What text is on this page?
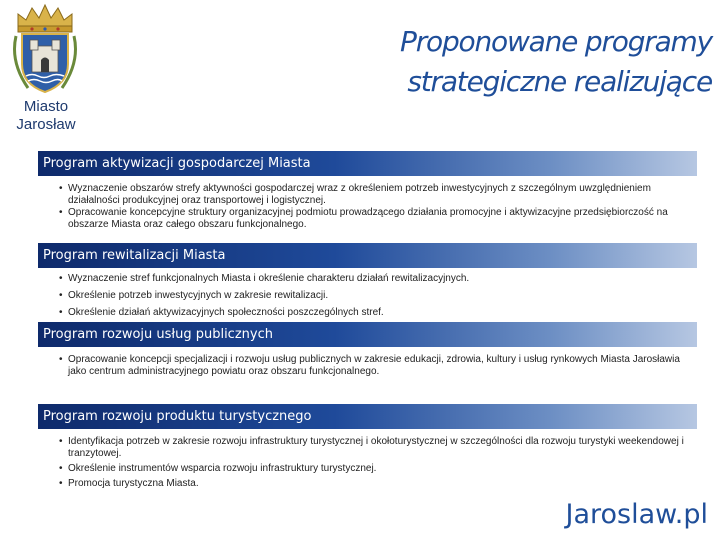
Miasto
Jarosław
Proponowane programy
strategiczne realizujące
Program aktywizacji gospodarczej Miasta
• Wyznaczenie obszarów strefy aktywności gospodarczej wraz z określeniem potrzeb inwestycyjnych z szczególnym uwzględnieniem działalności produkcyjnej oraz transportowej i logistycznej.
• Opracowanie koncepcyjne struktury organizacyjnej podmiotu prowadzącego działania promocyjne i aktywizacyjne przedsiębiorczość na obszarze Miasta oraz całego obszaru funkcjonalnego.
Program rewitalizacji Miasta
• Wyznaczenie stref funkcjonalnych Miasta i określenie charakteru działań rewitalizacyjnych.
• Określenie potrzeb inwestycyjnych w zakresie rewitalizacji.
• Określenie działań aktywizacyjnych społeczności poszczególnych stref.
Program rozwoju usług publicznych
• Opracowanie koncepcji specjalizacji i rozwoju usług publicznych w zakresie edukacji, zdrowia, kultury i usług rynkowych Miasta Jarosławia jako centrum administracyjnego powiatu oraz obszaru funkcjonalnego.
Program rozwoju produktu turystycznego
• Identyfikacja potrzeb w zakresie rozwoju infrastruktury turystycznej i okołoturystycznej w szczególności dla rozwoju turystyki weekendowej i tranzytowej.
• Określenie instrumentów wsparcia rozwoju infrastruktury turystycznej.
• Promocja turystyczna Miasta.
Jaroslaw.pl
